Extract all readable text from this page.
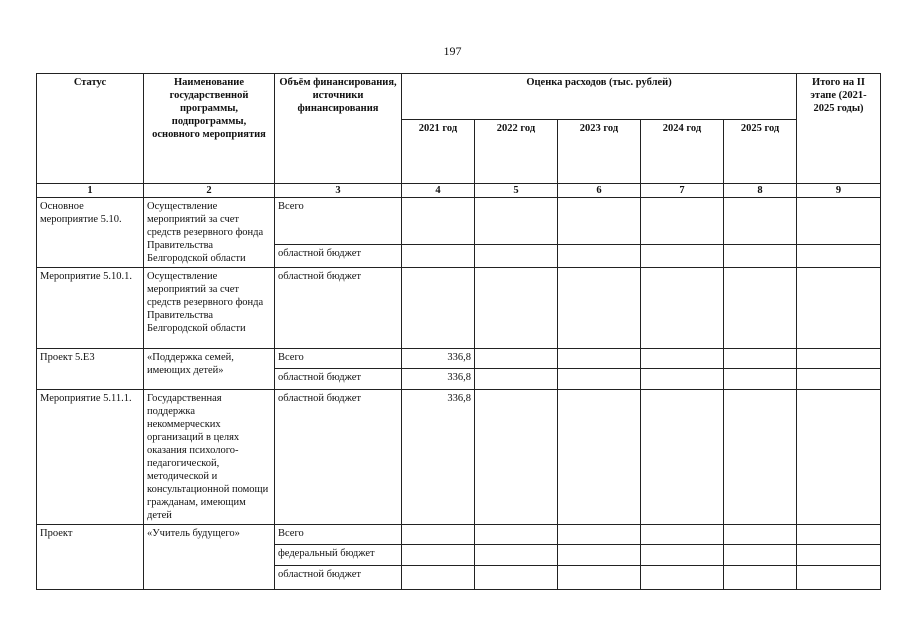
197
Статус	Наименование государственной программы, подпрограммы, основного мероприятия	Объём финансирования, источники финансирования	Оценка расходов (тыс. рублей)					Итого на II этапе (2021-2025 годы)
			2021 год	2022 год	2023 год	2024 год	2025 год	
1	2	3	4	5	6	7	8	9
Основное мероприятие 5.10.	Осуществление мероприятий за счет средств резервного фонда Правительства Белгородской области	Всего						
		областной бюджет						
Мероприятие 5.10.1.	Осуществление мероприятий за счет средств резервного фонда Правительства Белгородской области	областной бюджет						
Проект 5.Е3	«Поддержка семей, имеющих детей»	Всего	336,8					
		областной бюджет	336,8					
Мероприятие 5.11.1.	Государственная поддержка некоммерческих организаций в целях оказания психолого-педагогической, методической и консультационной помощи гражданам, имеющим детей	областной бюджет	336,8					
Проект	«Учитель будущего»	Всего						
		федеральный бюджет						
		областной бюджет						
